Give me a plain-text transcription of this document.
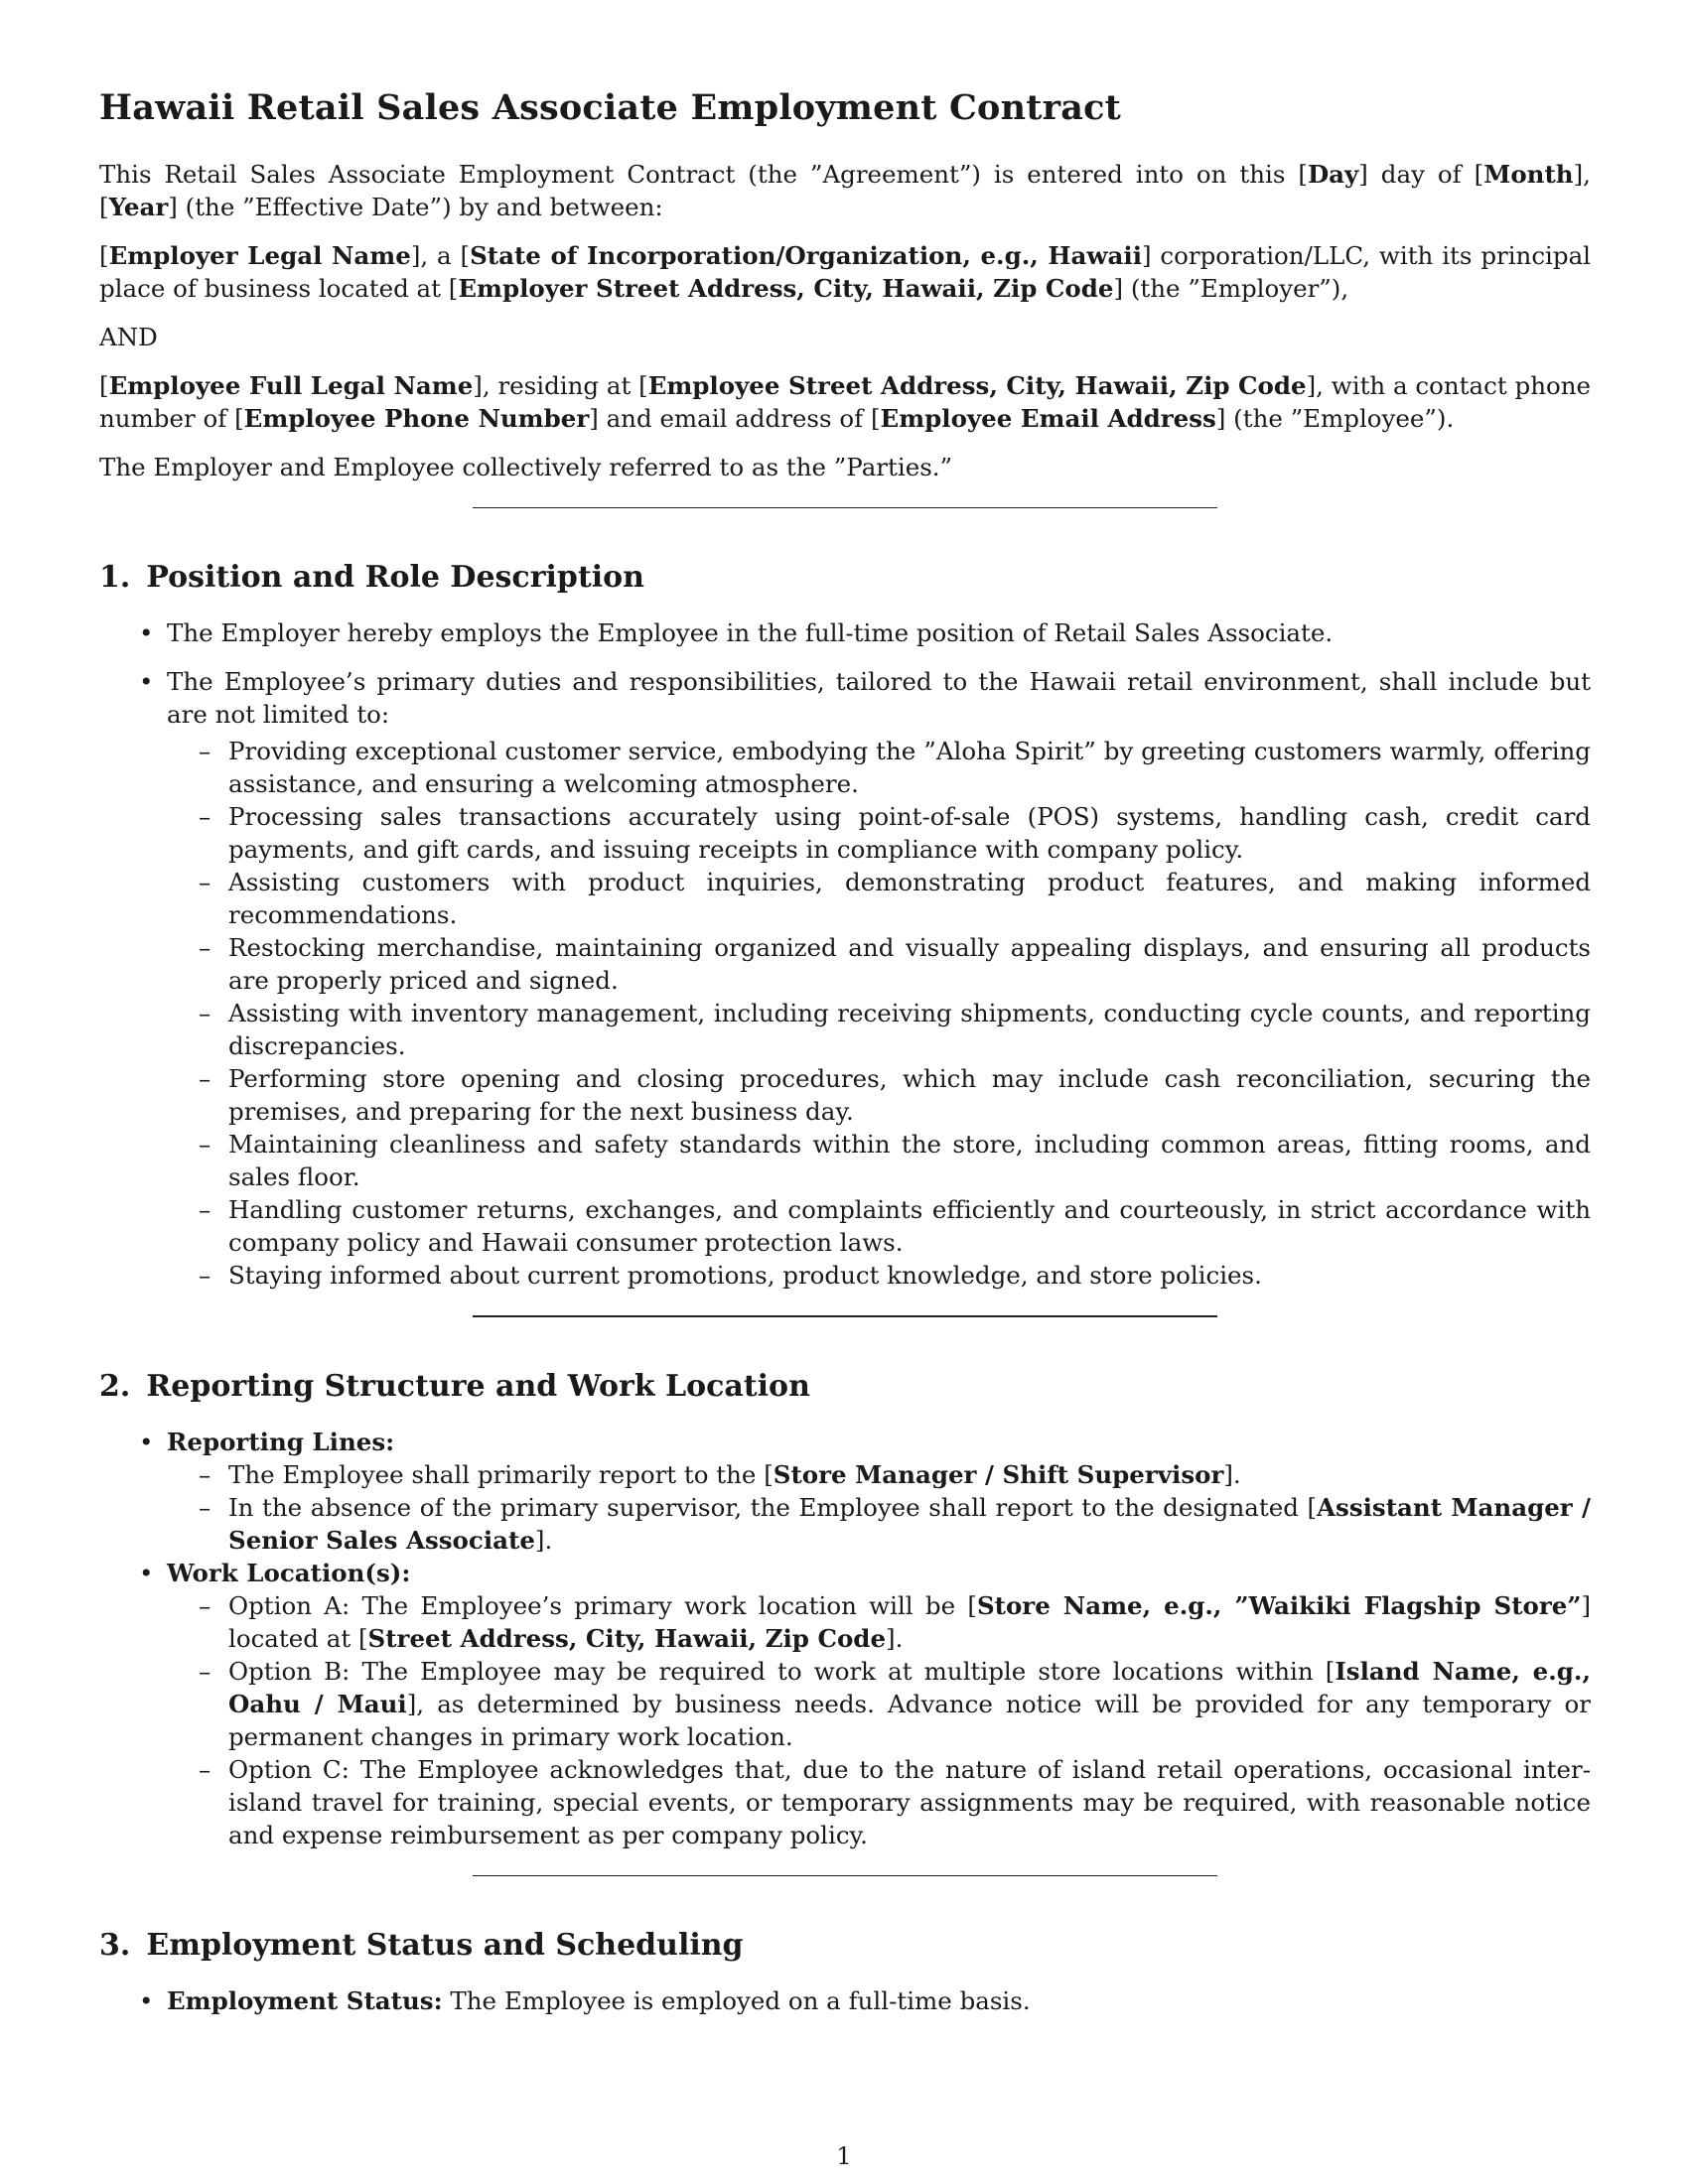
Hawaii Retail Sales Associate Employment Contract

This Retail Sales Associate Employment Contract (the ”Agreement”) is entered into on this [Day] day of [Month], [Year] (the ”Effective Date”) by and between:

[Employer Legal Name], a [State of Incorporation/Organization, e.g., Hawaii] corporation/LLC, with its principal place of business located at [Employer Street Address, City, Hawaii, Zip Code] (the ”Employer”),

AND

[Employee Full Legal Name], residing at [Employee Street Address, City, Hawaii, Zip Code], with a contact phone number of [Employee Phone Number] and email address of [Employee Email Address] (the ”Employee”).

The Employer and Employee collectively referred to as the ”Parties.”

1. Position and Role Description
• The Employer hereby employs the Employee in the full-time position of Retail Sales Associate.
• The Employee’s primary duties and responsibilities, tailored to the Hawaii retail environment, shall include but are not limited to:
– Providing exceptional customer service, embodying the ”Aloha Spirit” by greeting customers warmly, offering assistance, and ensuring a welcoming atmosphere.
– Processing sales transactions accurately using point-of-sale (POS) systems, handling cash, credit card payments, and gift cards, and issuing receipts in compliance with company policy.
– Assisting customers with product inquiries, demonstrating product features, and making informed recommendations.
– Restocking merchandise, maintaining organized and visually appealing displays, and ensuring all products are properly priced and signed.
– Assisting with inventory management, including receiving shipments, conducting cycle counts, and reporting discrepancies.
– Performing store opening and closing procedures, which may include cash reconciliation, securing the premises, and preparing for the next business day.
– Maintaining cleanliness and safety standards within the store, including common areas, fitting rooms, and sales floor.
– Handling customer returns, exchanges, and complaints efficiently and courteously, in strict accordance with company policy and Hawaii consumer protection laws.
– Staying informed about current promotions, product knowledge, and store policies.
2. Reporting Structure and Work Location
• Reporting Lines:
– The Employee shall primarily report to the [Store Manager / Shift Supervisor].
– In the absence of the primary supervisor, the Employee shall report to the designated [Assistant Manager / Senior Sales Associate].
• Work Location(s):
– Option A: The Employee’s primary work location will be [Store Name, e.g., ”Waikiki Flagship Store”] located at [Street Address, City, Hawaii, Zip Code].
– Option B: The Employee may be required to work at multiple store locations within [Island Name, e.g., Oahu / Maui], as determined by business needs. Advance notice will be provided for any temporary or permanent changes in primary work location.
– Option C: The Employee acknowledges that, due to the nature of island retail operations, occasional inter-island travel for training, special events, or temporary assignments may be required, with reasonable notice and expense reimbursement as per company policy.
3. Employment Status and Scheduling
• Employment Status: The Employee is employed on a full-time basis.
1
